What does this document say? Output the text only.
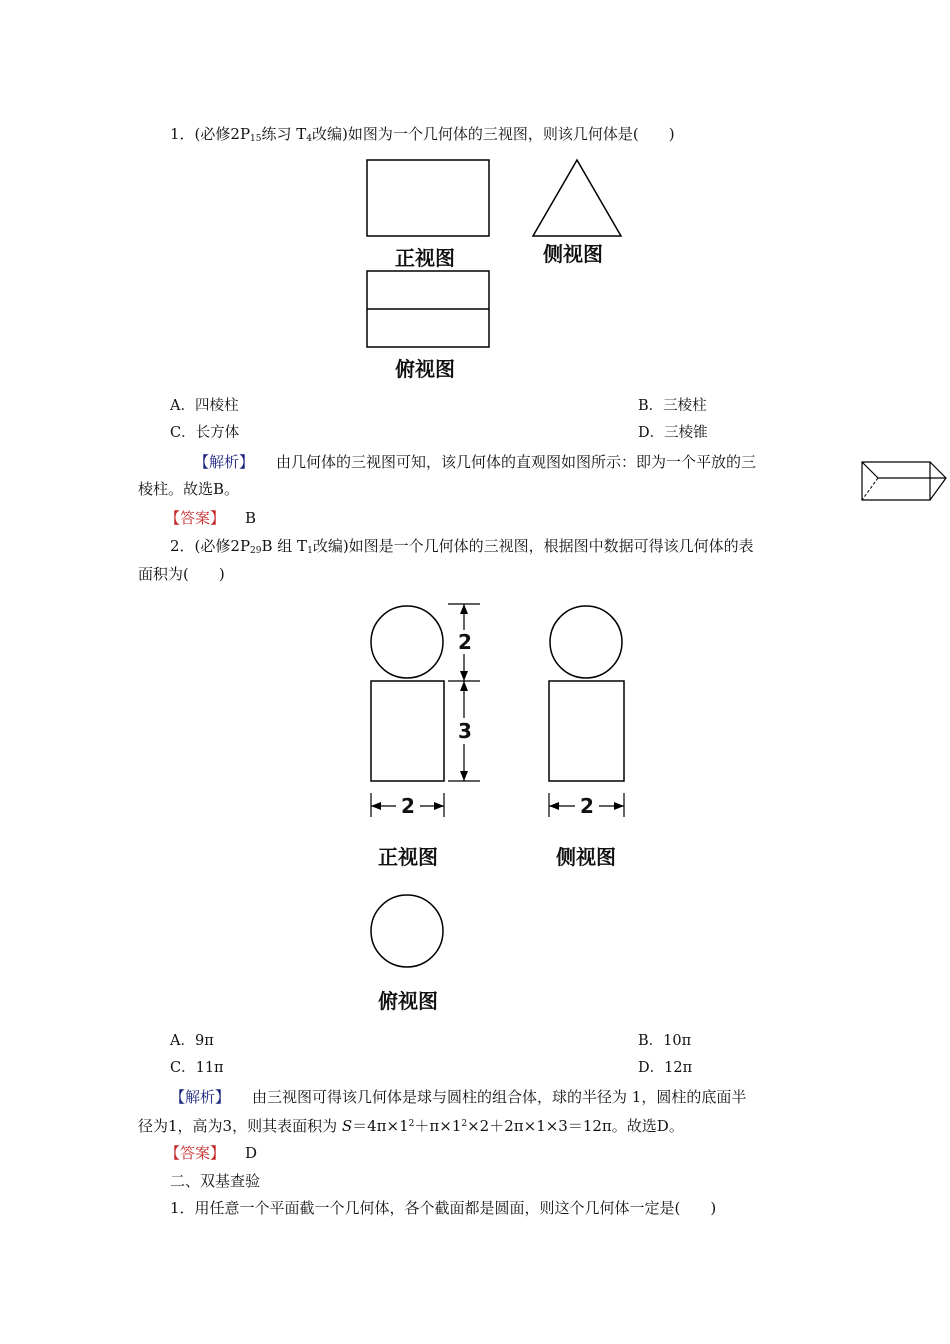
1．(必修$2P_{15}$练习 $T_4$改编)如图为一个几何体的三视图，则该几何体是(　　)
正视图	侧视图
俯视图
A．四棱柱	B．三棱柱
C．长方体	D．三棱锥
【解析】 由几何体的三视图可知，该几何体的直观图如图所示：即为一个平放的三
棱柱。故选B。
【答案】 B
2．(必修$2P_{29}B$ 组 $T_1$改编)如图是一个几何体的三视图，根据图中数据可得该几何体的表
面积为(　　)
2
3
2	2
正视图	侧视图
俯视图
A．9π	B．10π
C．11π	D．12π
【解析】 由三视图可得该几何体是球与圆柱的组合体，球的半径为 1，圆柱的底面半
径为1，高为3，则其表面积为 $S=4\pi\times 1^2+\pi\times 1^2\times 2+2\pi\times 1\times 3=12\pi$。故选D。
【答案】 D
二、双基查验
1．用任意一个平面截一个几何体，各个截面都是圆面，则这个几何体一定是(　　)
